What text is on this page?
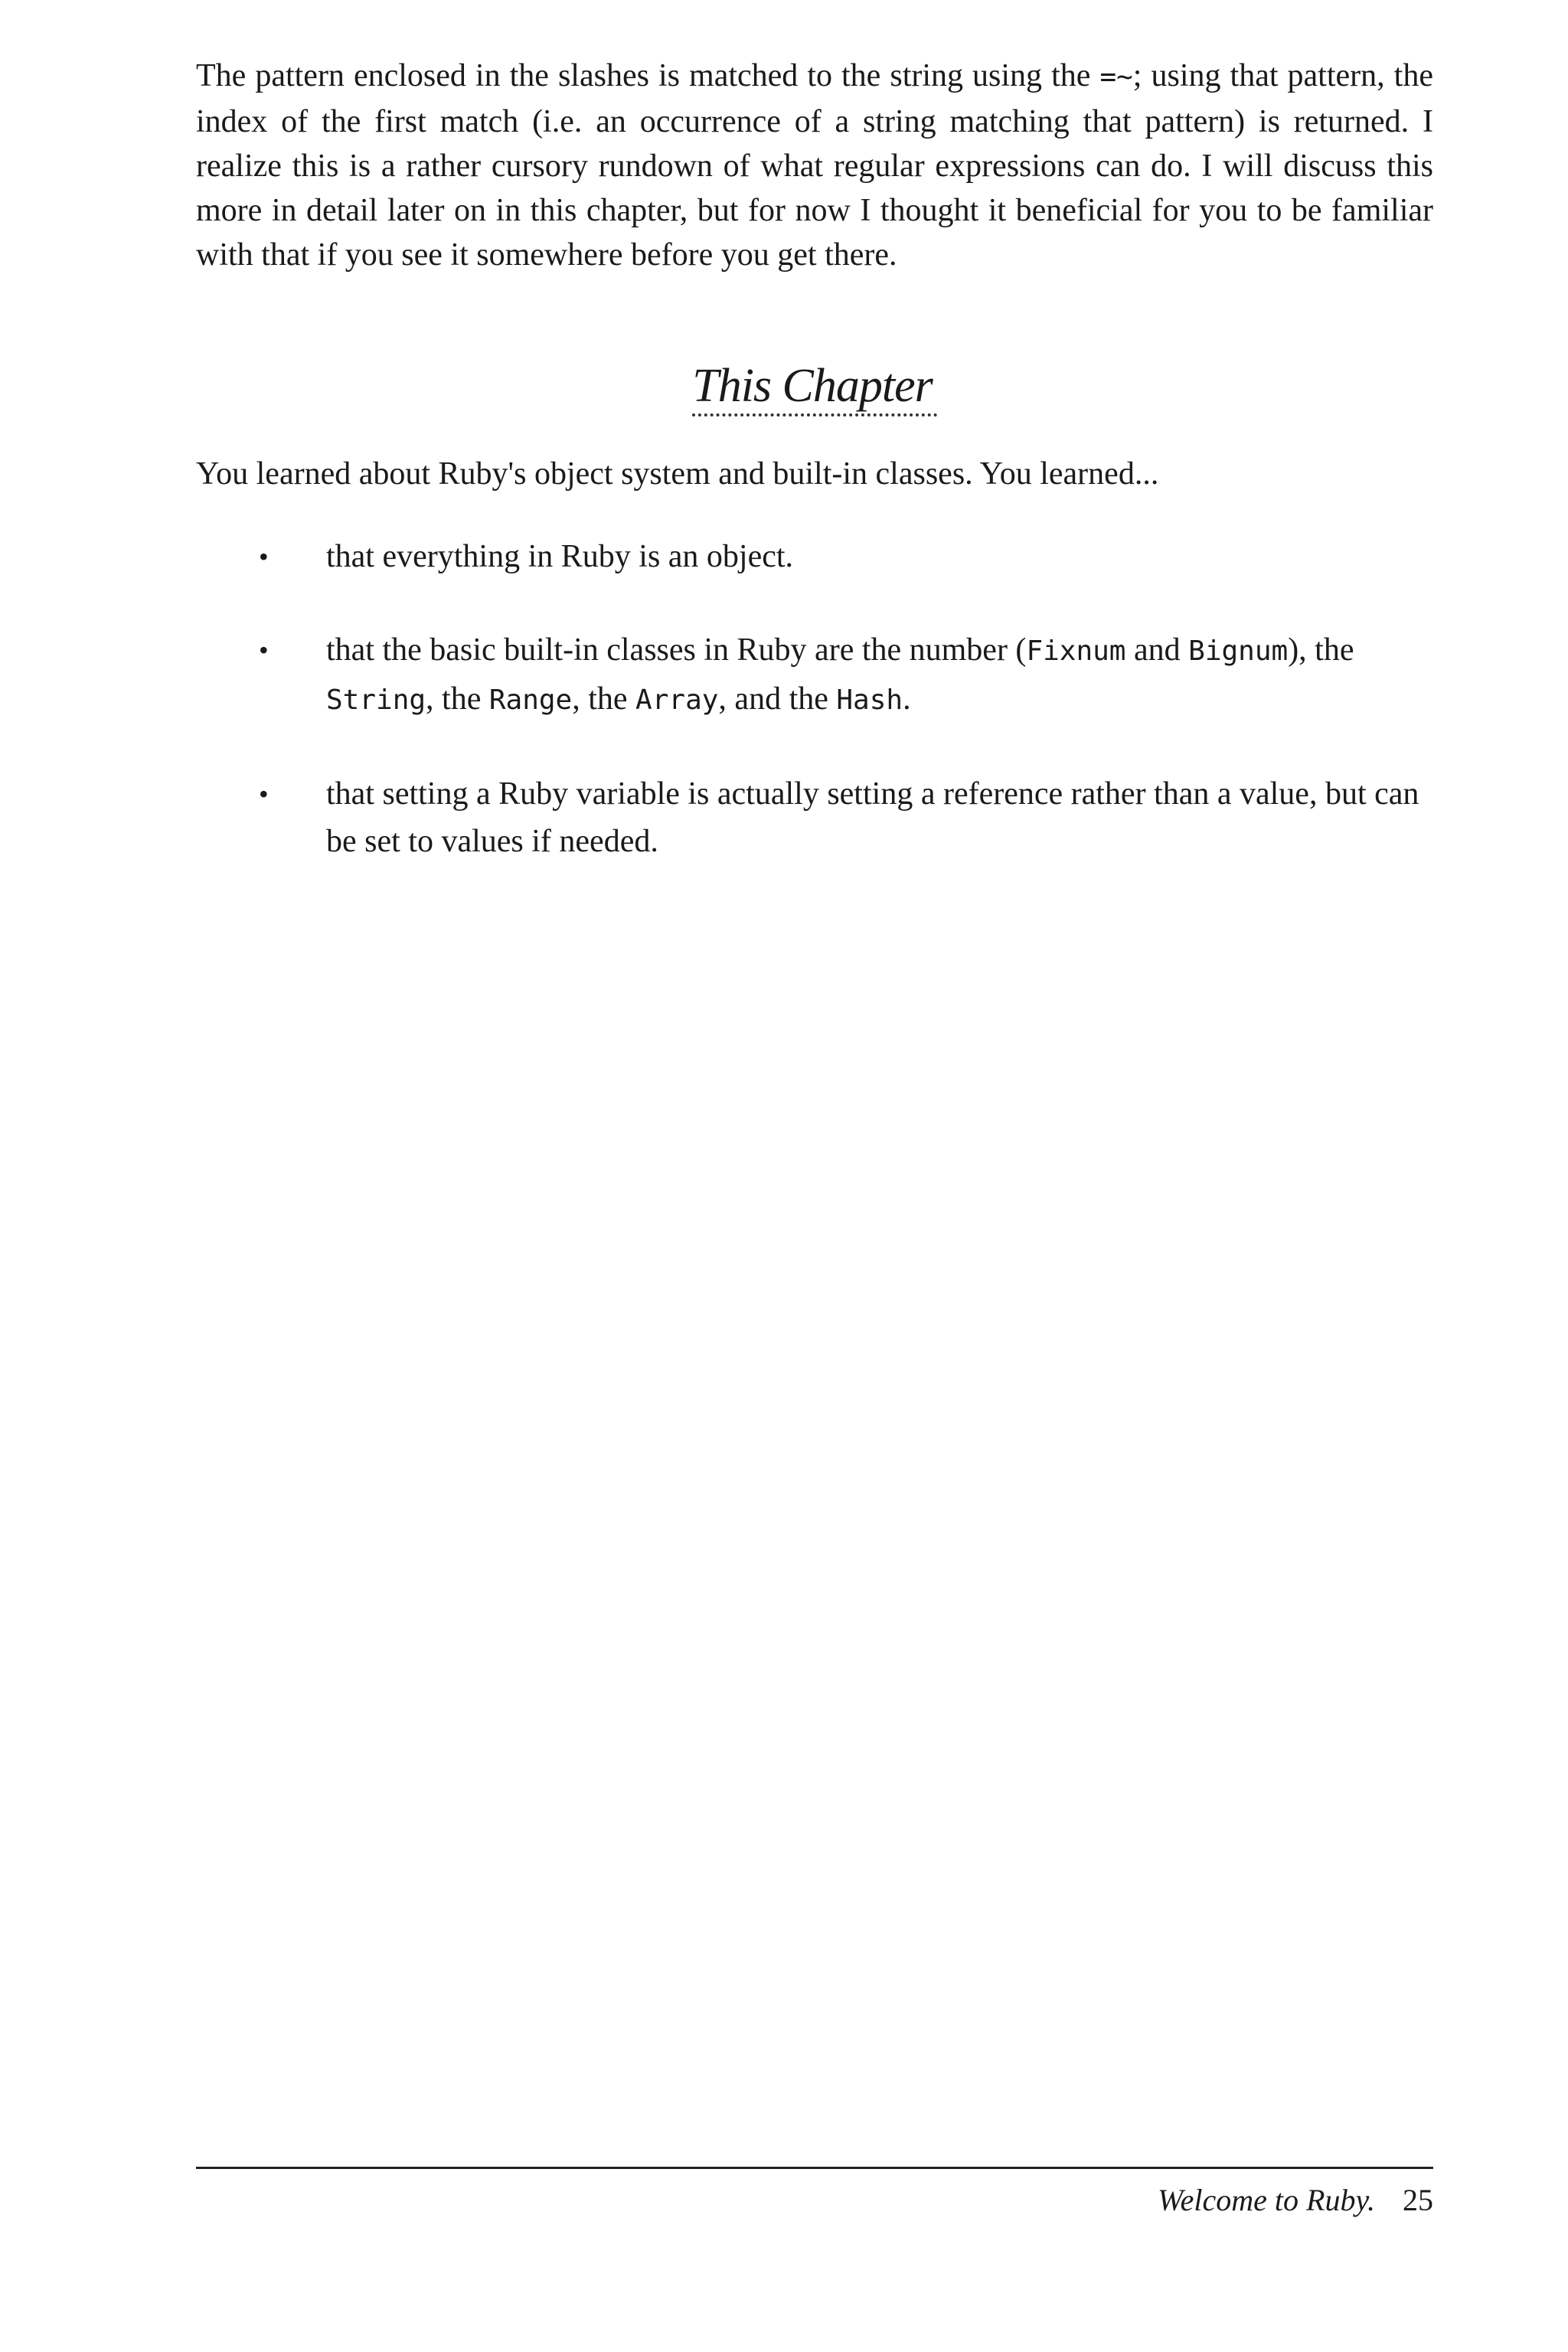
The pattern enclosed in the slashes is matched to the string using the =~; using that pattern, the index of the first match (i.e. an occurrence of a string matching that pattern) is returned. I realize this is a rather cursory rundown of what regular expressions can do. I will discuss this more in detail later on in this chapter, but for now I thought it beneficial for you to be familiar with that if you see it somewhere before you get there.

This Chapter
You learned about Ruby's object system and built-in classes. You learned...
• that everything in Ruby is an object.
• that the basic built-in classes in Ruby are the number (Fixnum and Bignum), the String, the Range, the Array, and the Hash.
• that setting a Ruby variable is actually setting a reference rather than a value, but can be set to values if needed.
Welcome to Ruby. 25
